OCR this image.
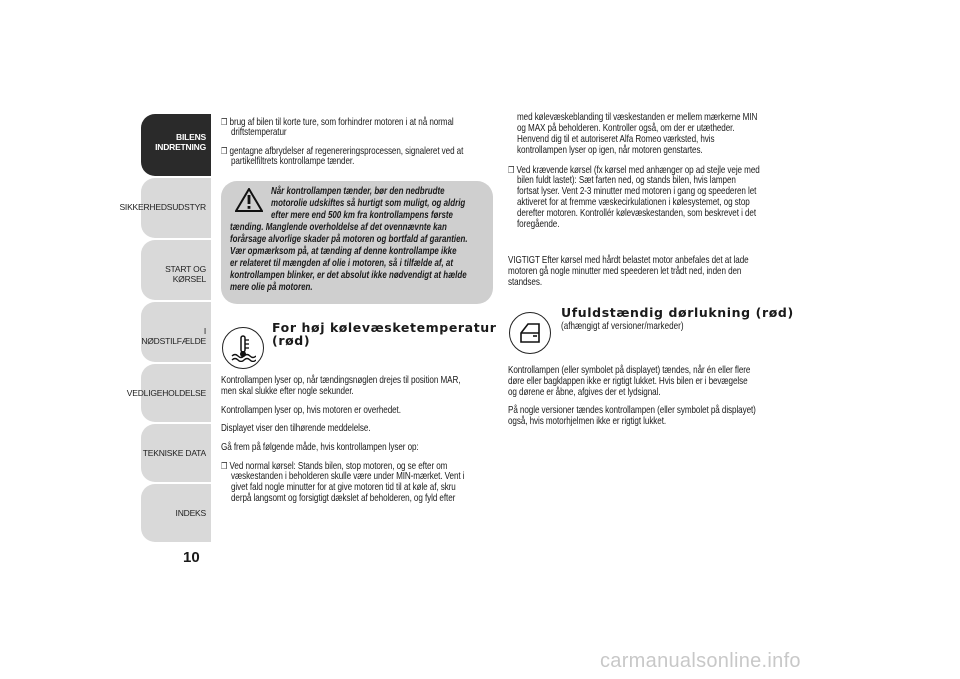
BILENS
INDRETNING
SIKKERHEDSUDSTYR
START OG KØRSEL
I NØDSTILFÆLDE
VEDLIGEHOLDELSE
TEKNISKE DATA
INDEKS
10
❒ brug af bilen til korte ture, som forhindrer motoren i at nå normal
driftstemperatur
❒ gentagne afbrydelser af regenereringsprocessen, signaleret ved at
partikelfiltrets kontrollampe tænder.
Når kontrollampen tænder, bør den nedbrudte
motorolie udskiftes så hurtigt som muligt, og aldrig
efter mere end 500 km fra kontrollampens første
tænding. Manglende overholdelse af det ovennævnte kan
forårsage alvorlige skader på motoren og bortfald af garantien.
Vær opmærksom på, at tænding af denne kontrollampe ikke
er relateret til mængden af olie i motoren, så i tilfælde af, at
kontrollampen blinker, er det absolut ikke nødvendigt at hælde
mere olie på motoren.
For høj kølevæsketemperatur
(rød)
Kontrollampen lyser op, når tændingsnøglen drejes til position MAR,
men skal slukke efter nogle sekunder.
Kontrollampen lyser op, hvis motoren er overhedet.
Displayet viser den tilhørende meddelelse.
Gå frem på følgende måde, hvis kontrollampen lyser op:
❒ Ved normal kørsel: Stands bilen, stop motoren, og se efter om
væskestanden i beholderen skulle være under MIN-mærket. Vent i
givet fald nogle minutter for at give motoren tid til at køle af, skru
derpå langsomt og forsigtigt dækslet af beholderen, og fyld efter
med kølevæskeblanding til væskestanden er mellem mærkerne MIN
og MAX på beholderen. Kontroller også, om der er utætheder.
Henvend dig til et autoriseret Alfa Romeo værksted, hvis
kontrollampen lyser op igen, når motoren genstartes.
❒ Ved krævende kørsel (fx kørsel med anhænger op ad stejle veje med
bilen fuldt lastet): Sæt farten ned, og stands bilen, hvis lampen
fortsat lyser. Vent 2-3 minutter med motoren i gang og speederen let
aktiveret for at fremme væskecirkulationen i kølesystemet, og stop
derefter motoren. Kontrollér kølevæskestanden, som beskrevet i det
foregående.
VIGTIGT Efter kørsel med hårdt belastet motor anbefales det at lade
motoren gå nogle minutter med speederen let trådt ned, inden den
standses.
Ufuldstændig dørlukning (rød)
(afhængigt af versioner/markeder)
Kontrollampen (eller symbolet på displayet) tændes, når én eller flere
døre eller bagklappen ikke er rigtigt lukket. Hvis bilen er i bevægelse
og dørene er åbne, afgives der et lydsignal.
På nogle versioner tændes kontrollampen (eller symbolet på displayet)
også, hvis motorhjelmen ikke er rigtigt lukket.
carmanualsonline.info
